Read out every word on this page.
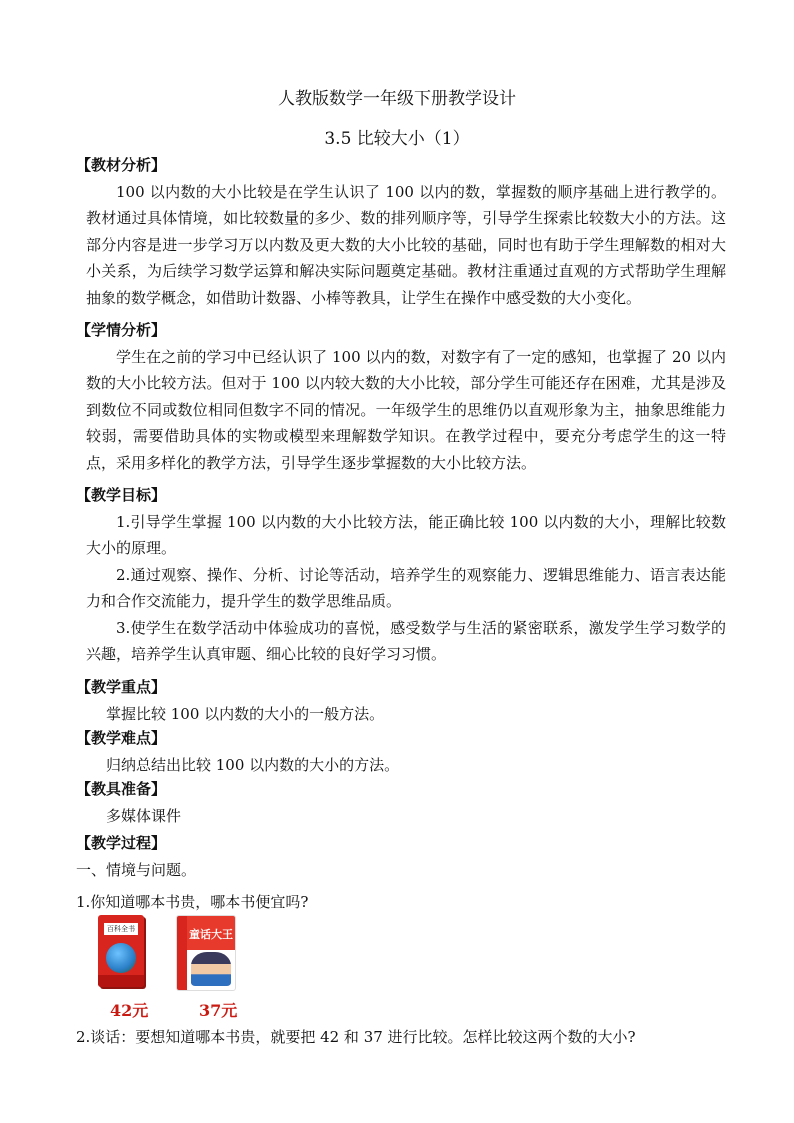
人教版数学一年级下册教学设计
3.5 比较大小（1）
【教材分析】
100 以内数的大小比较是在学生认识了 100 以内的数，掌握数的顺序基础上进行教学的。教材通过具体情境，如比较数量的多少、数的排列顺序等，引导学生探索比较数大小的方法。这部分内容是进一步学习万以内数及更大数的大小比较的基础，同时也有助于学生理解数的相对大小关系，为后续学习数学运算和解决实际问题奠定基础。教材注重通过直观的方式帮助学生理解抽象的数学概念，如借助计数器、小棒等教具，让学生在操作中感受数的大小变化。
【学情分析】
学生在之前的学习中已经认识了 100 以内的数，对数字有了一定的感知，也掌握了 20 以内数的大小比较方法。但对于 100 以内较大数的大小比较，部分学生可能还存在困难，尤其是涉及到数位不同或数位相同但数字不同的情况。一年级学生的思维仍以直观形象为主，抽象思维能力较弱，需要借助具体的实物或模型来理解数学知识。在教学过程中，要充分考虑学生的这一特点，采用多样化的教学方法，引导学生逐步掌握数的大小比较方法。
【教学目标】
1.引导学生掌握 100 以内数的大小比较方法，能正确比较 100 以内数的大小，理解比较数大小的原理。
2.通过观察、操作、分析、讨论等活动，培养学生的观察能力、逻辑思维能力、语言表达能力和合作交流能力，提升学生的数学思维品质。
3.使学生在数学活动中体验成功的喜悦，感受数学与生活的紧密联系，激发学生学习数学的兴趣，培养学生认真审题、细心比较的良好学习习惯。
【教学重点】
掌握比较 100 以内数的大小的一般方法。
【教学难点】
归纳总结出比较 100 以内数的大小的方法。
【教具准备】
多媒体课件
【教学过程】
一、情境与问题。
1.你知道哪本书贵，哪本书便宜吗?
百科全书	童话大王
42元	37元
2.谈话：要想知道哪本书贵，就要把 42 和 37 进行比较。怎样比较这两个数的大小?
